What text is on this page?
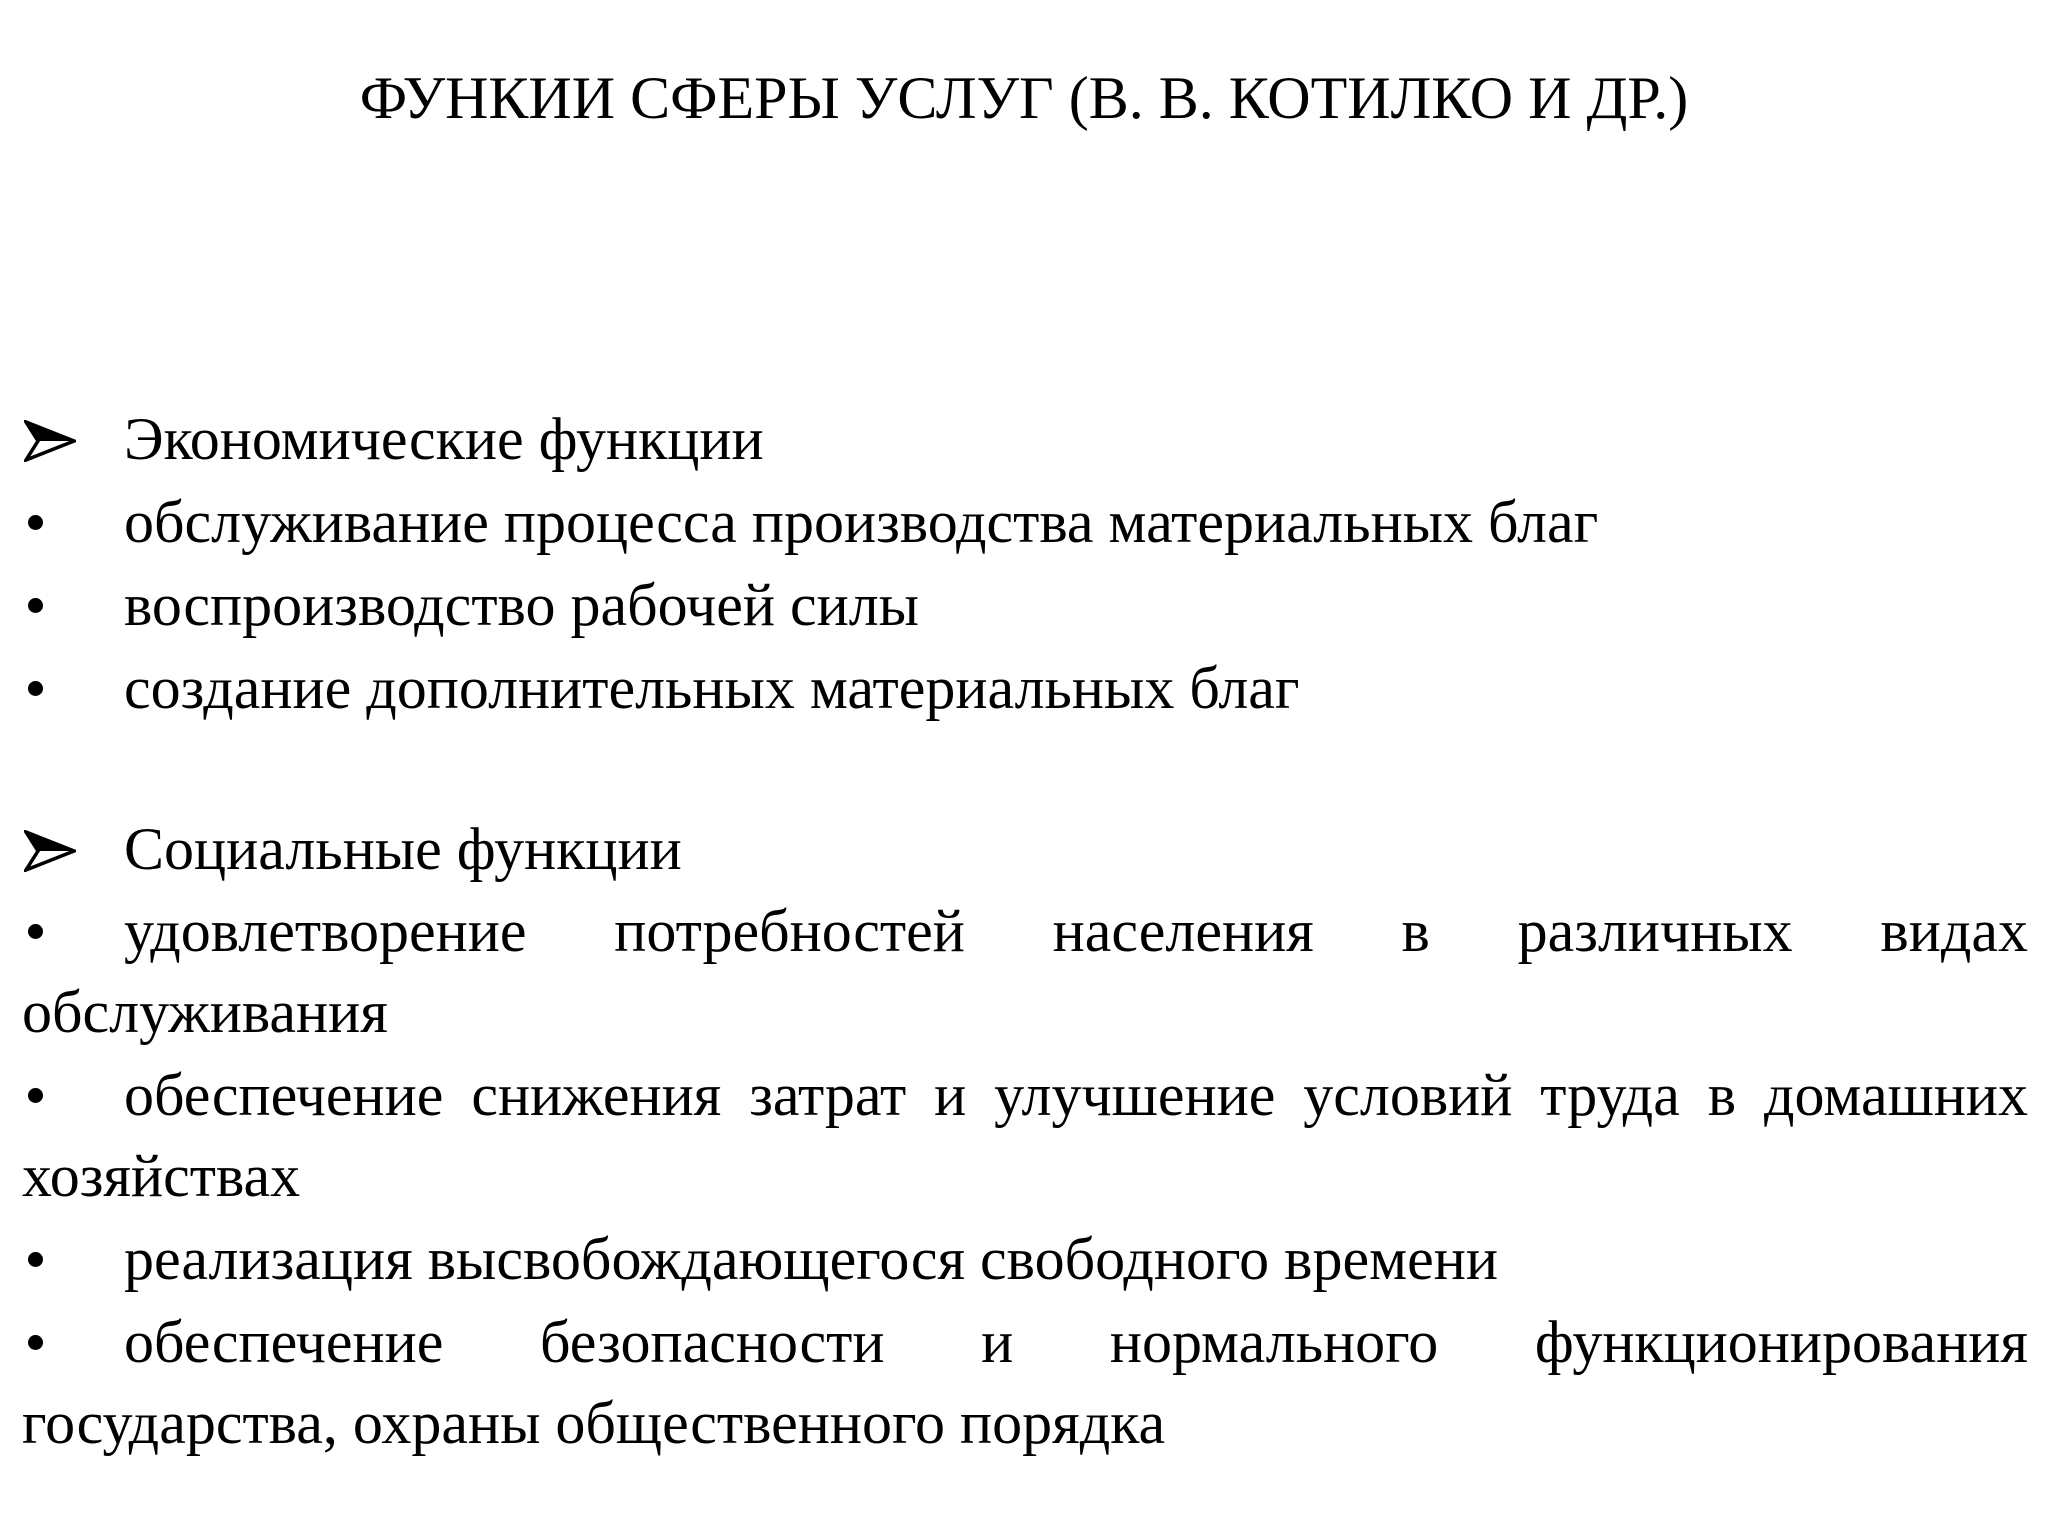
ФУНКИИ СФЕРЫ УСЛУГ (В. В. КОТИЛКО И ДР.)
Экономические функции
обслуживание процесса производства материальных благ
воспроизводство рабочей силы
создание дополнительных материальных благ
Социальные функции
удовлетворение потребностей населения в различных видах обслуживания
обеспечение снижения затрат и улучшение условий труда в домашних хозяйствах
реализация высвобождающегося свободного времени
обеспечение безопасности и нормального функционирования государства, охраны общественного порядка
